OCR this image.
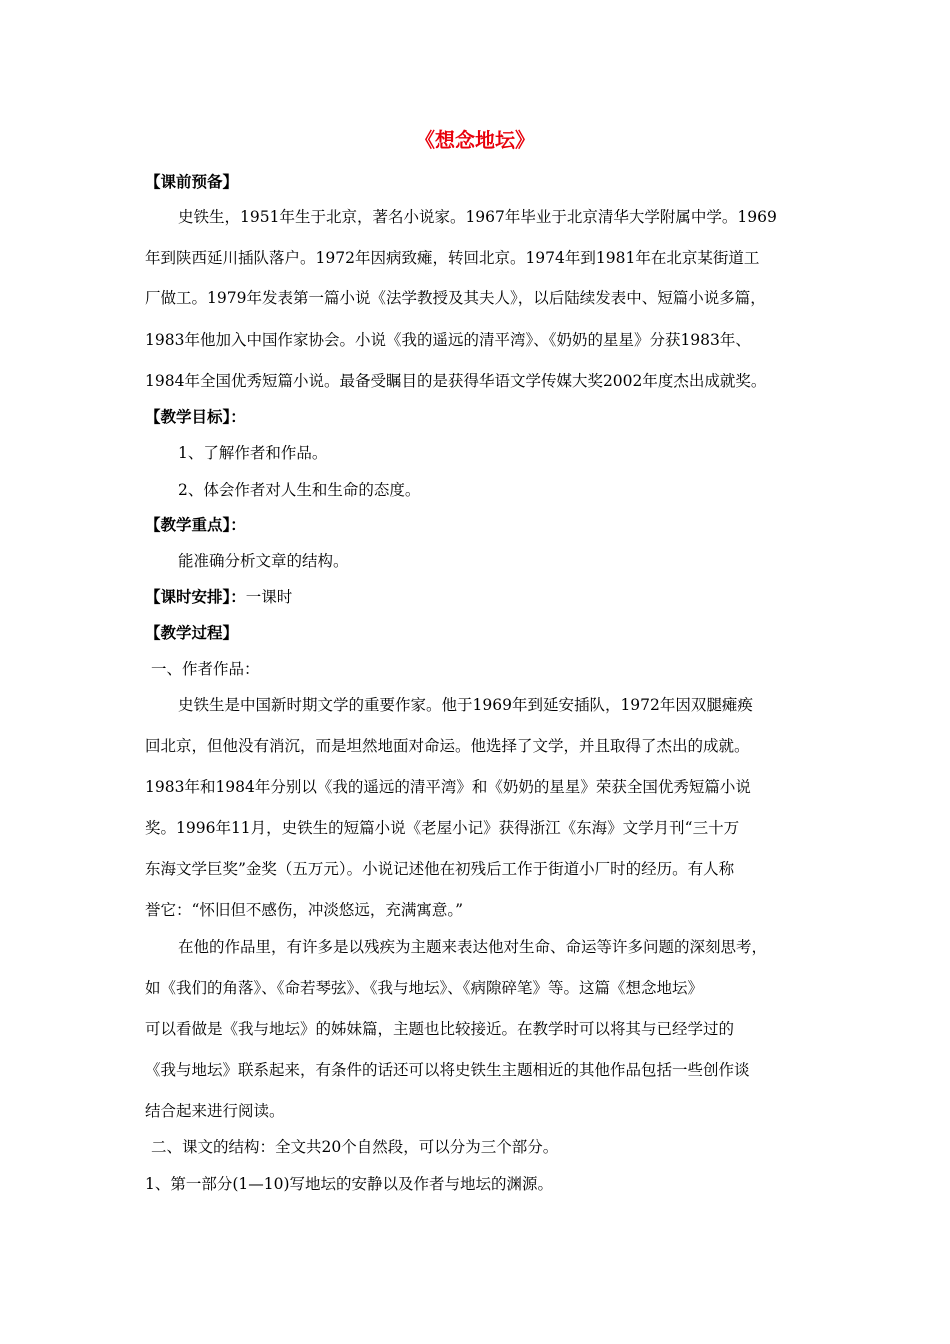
《想念地坛》
【课前预备】
史铁生，1951年生于北京，著名小说家。1967年毕业于北京清华大学附属中学。1969
年到陕西延川插队落户。1972年因病致瘫，转回北京。1974年到1981年在北京某街道工
厂做工。1979年发表第一篇小说《法学教授及其夫人》，以后陆续发表中、短篇小说多篇，
1983年他加入中国作家协会。小说《我的遥远的清平湾》、《奶奶的星星》分获1983年、
1984年全国优秀短篇小说。最备受瞩目的是获得华语文学传媒大奖2002年度杰出成就奖。
【教学目标】：
1、了解作者和作品。
2、体会作者对人生和生命的态度。
【教学重点】：
能准确分析文章的结构。
【课时安排】：一课时
【教学过程】
一、作者作品：
史铁生是中国新时期文学的重要作家。他于1969年到延安插队，1972年因双腿瘫痪
回北京，但他没有消沉，而是坦然地面对命运。他选择了文学，并且取得了杰出的成就。
1983年和1984年分别以《我的遥远的清平湾》和《奶奶的星星》荣获全国优秀短篇小说
奖。1996年11月，史铁生的短篇小说《老屋小记》获得浙江《东海》文学月刊“三十万
东海文学巨奖”金奖（五万元）。小说记述他在初残后工作于街道小厂时的经历。有人称
誉它：“怀旧但不感伤，冲淡悠远，充满寓意。”
在他的作品里，有许多是以残疾为主题来表达他对生命、命运等许多问题的深刻思考，
如《我们的角落》、《命若琴弦》、《我与地坛》、《病隙碎笔》等。这篇《想念地坛》
可以看做是《我与地坛》的姊妹篇，主题也比较接近。在教学时可以将其与已经学过的
《我与地坛》联系起来，有条件的话还可以将史铁生主题相近的其他作品包括一些创作谈
结合起来进行阅读。
二、课文的结构：全文共20个自然段，可以分为三个部分。
1、第一部分(1—10)写地坛的安静以及作者与地坛的渊源。
